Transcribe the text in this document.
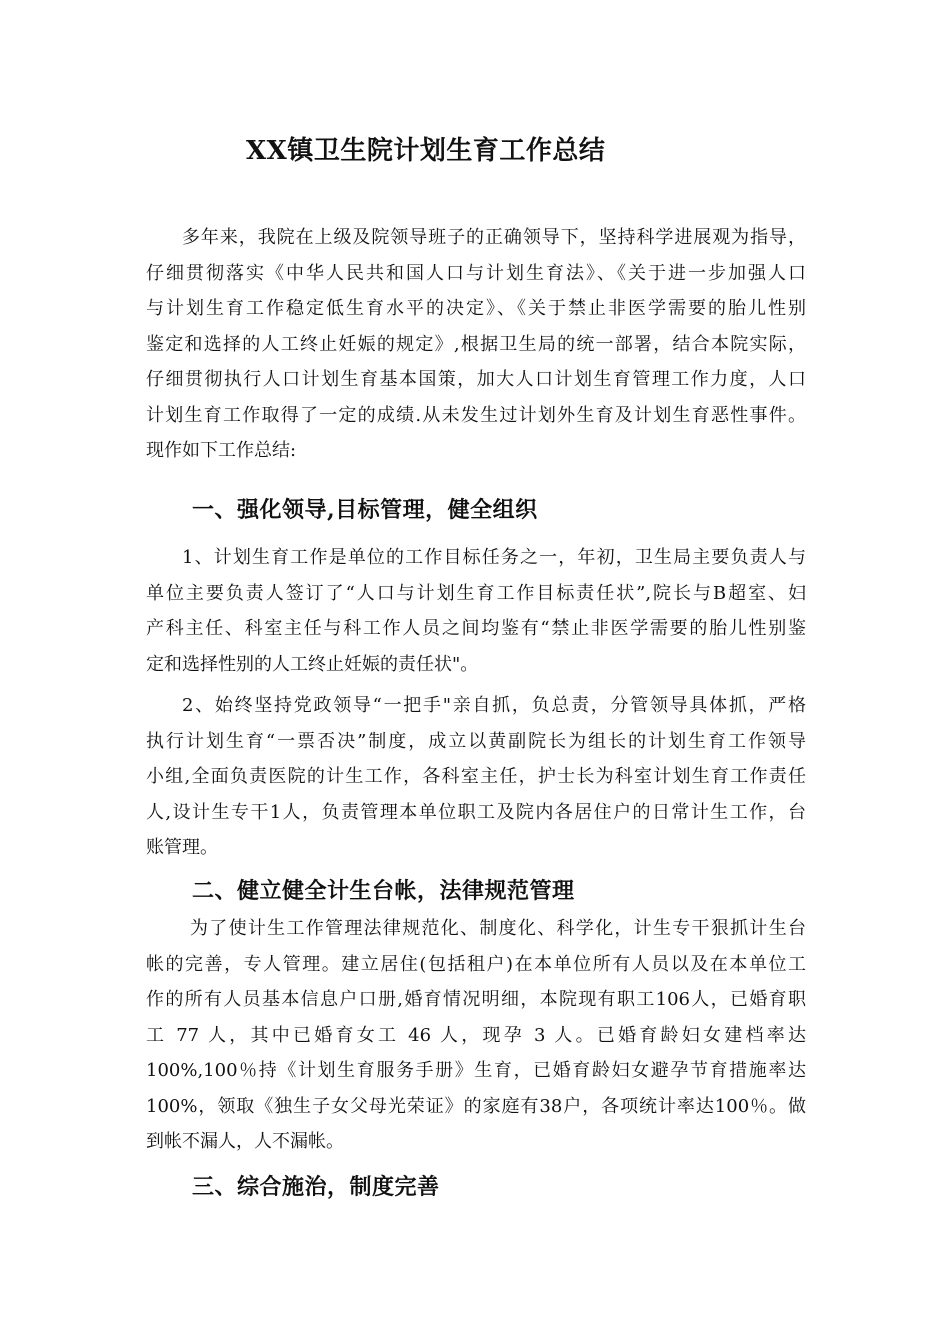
XX镇卫生院计划生育工作总结
多年来，我院在上级及院领导班子的正确领导下，坚持科学进展观为指导，
仔细贯彻落实《中华人民共和国人口与计划生育法》、《关于进一步加强人口
与计划生育工作稳定低生育水平的决定》、《关于禁止非医学需要的胎儿性别
鉴定和选择的人工终止妊娠的规定》,根据卫生局的统一部署，结合本院实际，
仔细贯彻执行人口计划生育基本国策，加大人口计划生育管理工作力度，人口
计划生育工作取得了一定的成绩.从未发生过计划外生育及计划生育恶性事件。
现作如下工作总结:
一、强化领导,目标管理，健全组织
1、计划生育工作是单位的工作目标任务之一，年初，卫生局主要负责人与
单位主要负责人签订了“人口与计划生育工作目标责任状”,院长与B超室、妇
产科主任、科室主任与科工作人员之间均鉴有“禁止非医学需要的胎儿性别鉴
定和选择性别的人工终止妊娠的责任状"。
2、始终坚持党政领导“一把手"亲自抓，负总责，分管领导具体抓，严格
执行计划生育“一票否决”制度，成立以黄副院长为组长的计划生育工作领导
小组,全面负责医院的计生工作，各科室主任，护士长为科室计划生育工作责任
人,设计生专干1人，负责管理本单位职工及院内各居住户的日常计生工作，台
账管理。
二、健立健全计生台帐，法律规范管理
为了使计生工作管理法律规范化、制度化、科学化，计生专干狠抓计生台
帐的完善，专人管理。建立居住(包括租户)在本单位所有人员以及在本单位工
作的所有人员基本信息户口册,婚育情况明细，本院现有职工106人，已婚育职
工 77 人，其中已婚育女工 46 人，现孕 3 人。已婚育龄妇女建档率达
100%,100％持《计划生育服务手册》生育，已婚育龄妇女避孕节育措施率达
100%，领取《独生子女父母光荣证》的家庭有38户，各项统计率达100％。做
到帐不漏人，人不漏帐。
三、综合施治，制度完善
